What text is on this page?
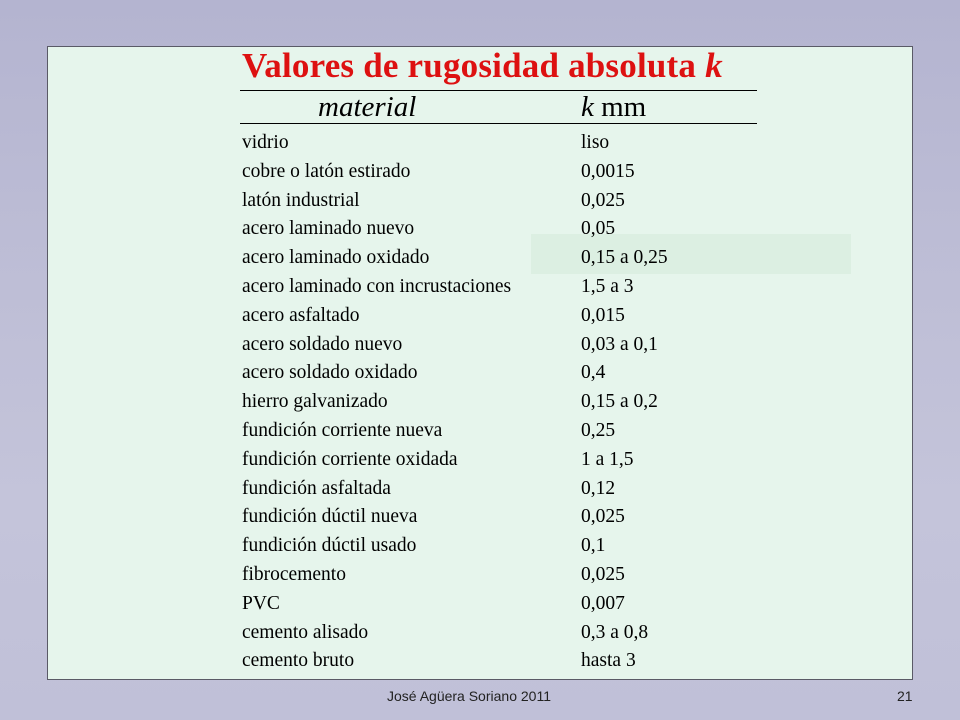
Valores de rugosidad absoluta k
material	k mm
vidrio	liso
cobre o latón estirado	0,0015
latón industrial	0,025
acero laminado nuevo	0,05
acero laminado oxidado	0,15 a 0,25
acero laminado con incrustaciones	1,5 a 3
acero asfaltado	0,015
acero soldado nuevo	0,03 a 0,1
acero soldado oxidado	0,4
hierro galvanizado	0,15 a 0,2
fundición corriente nueva	0,25
fundición corriente oxidada	1 a 1,5
fundición asfaltada	0,12
fundición dúctil nueva	0,025
fundición dúctil usado	0,1
fibrocemento	0,025
PVC	0,007
cemento alisado	0,3 a 0,8
cemento bruto	hasta 3
José Agüera Soriano 2011	21
